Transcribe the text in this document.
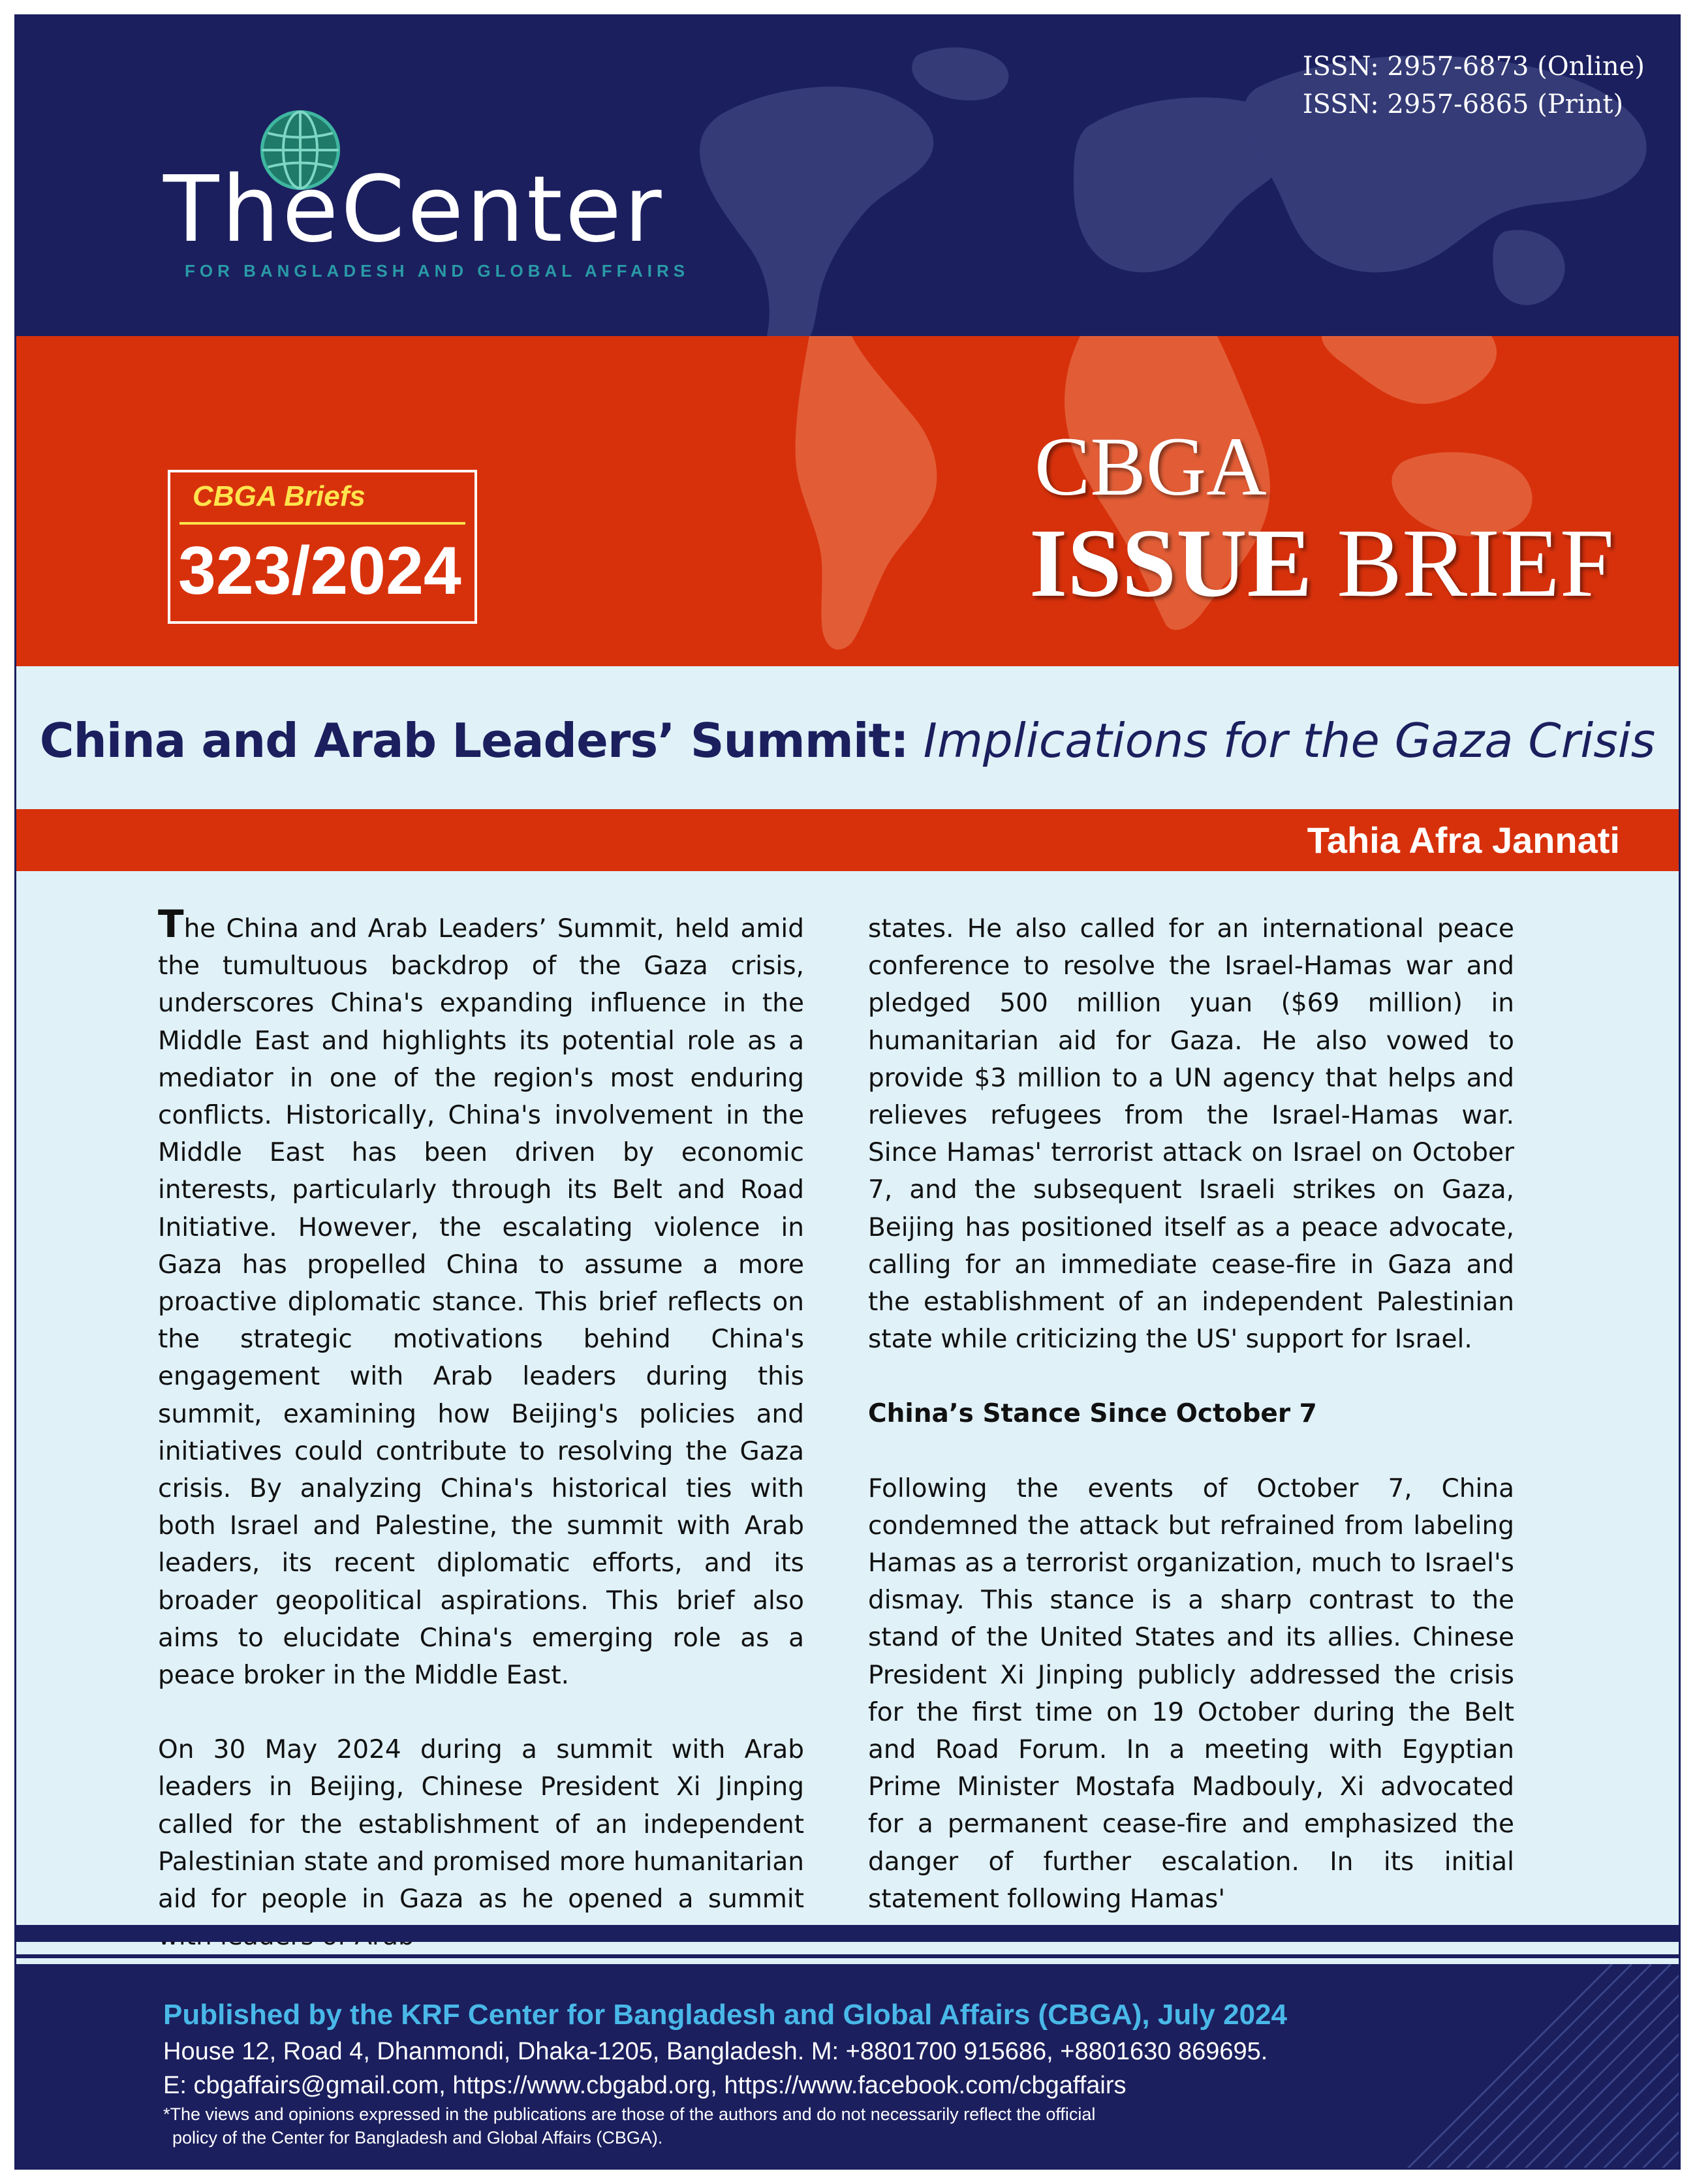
ISSN: 2957-6873 (Online)
ISSN: 2957-6865 (Print)
TheCenter
FOR BANGLADESH AND GLOBAL AFFAIRS
CBGA Briefs
323/2024
CBGA
ISSUE BRIEF
China and Arab Leaders’ Summit: Implications for the Gaza Crisis
Tahia Afra Jannati

The China and Arab Leaders’ Summit, held amid the tumultuous backdrop of the Gaza crisis, underscores China's expanding influence in the Middle East and highlights its potential role as a mediator in one of the region's most enduring conflicts. Historically, China's involvement in the Middle East has been driven by economic interests, particularly through its Belt and Road Initiative. However, the escalating violence in Gaza has propelled China to assume a more proactive diplomatic stance. This brief reflects on the strategic motivations behind China's engagement with Arab leaders during this summit, examining how Beijing's policies and initiatives could contribute to resolving the Gaza crisis. By analyzing China's historical ties with both Israel and Palestine, the summit with Arab leaders, its recent diplomatic efforts, and its broader geopolitical aspirations. This brief also aims to elucidate China's emerging role as a peace broker in the Middle East.

On 30 May 2024 during a summit with Arab leaders in Beijing, Chinese President Xi Jinping called for the establishment of an independent Palestinian state and promised more humanitarian aid for people in Gaza as he opened a summit

states. He also called for an international peace conference to resolve the Israel-Hamas war and pledged 500 million yuan ($69 million) in humanitarian aid for Gaza. He also vowed to provide $3 million to a UN agency that helps and relieves refugees from the Israel-Hamas war. Since Hamas' terrorist attack on Israel on October 7, and the subsequent Israeli strikes on Gaza, Beijing has positioned itself as a peace advocate, calling for an immediate cease-fire in Gaza and the establishment of an independent Palestinian state while criticizing the US' support for Israel.

China’s Stance Since October 7

Following the events of October 7, China condemned the attack but refrained from labeling Hamas as a terrorist organization, much to Israel's dismay. This stance is a sharp contrast to the stand of the United States and its allies. Chinese President Xi Jinping publicly addressed the crisis for the first time on 19 October during the Belt and Road Forum. In a meeting with Egyptian Prime Minister Mostafa Madbouly, Xi advocated for a permanent cease-fire and emphasized the danger of further escalation. In its initial statement following Hamas'

Published by the KRF Center for Bangladesh and Global Affairs (CBGA), July 2024
House 12, Road 4, Dhanmondi, Dhaka-1205, Bangladesh. M: +8801700 915686, +8801630 869695.
E: cbgaffairs@gmail.com, https://www.cbgabd.org, https://www.facebook.com/cbgaffairs
*The views and opinions expressed in the publications are those of the authors and do not necessarily reflect the official
policy of the Center for Bangladesh and Global Affairs (CBGA).
